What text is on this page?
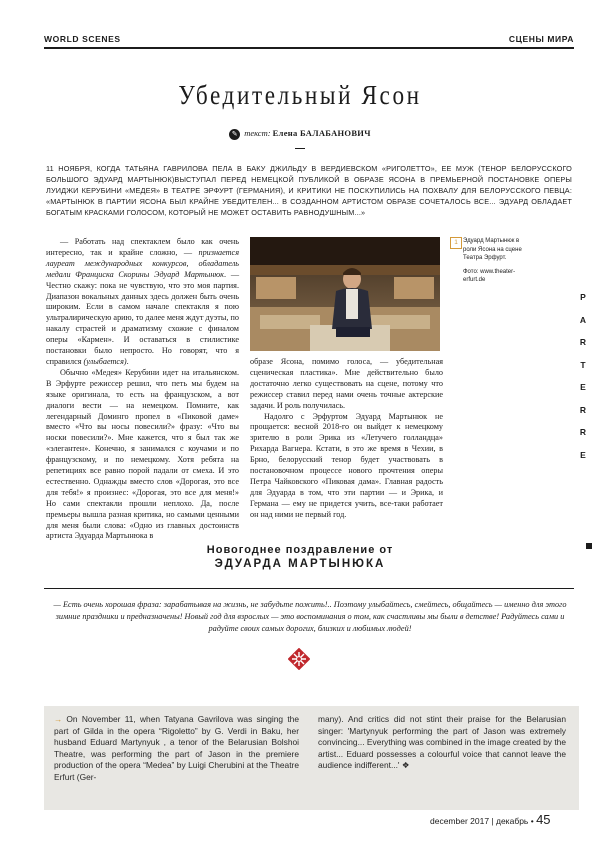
WORLD SCENES	СЦЕНЫ МИРА
Убедительный Ясон
✎ текст: Елена БАЛАБАНОВИЧ
11 НОЯБРЯ, КОГДА ТАТЬЯНА ГАВРИЛОВА ПЕЛА В БАКУ ДЖИЛЬДУ В ВЕРДИЕВСКОМ «РИГОЛЕТТО», ЕЕ МУЖ (ТЕНОР БЕЛОРУССКОГО БОЛЬШОГО ЭДУАРД МАРТЫНЮК)ВЫСТУПАЛ ПЕРЕД НЕМЕЦКОЙ ПУБЛИКОЙ В ОБРАЗЕ ЯСОНА В ПРЕМЬЕРНОЙ ПОСТАНОВКЕ ОПЕРЫ ЛУИДЖИ КЕРУБИНИ «МЕДЕЯ» В ТЕАТРЕ ЭРФУРТ (ГЕРМАНИЯ), И КРИТИКИ НЕ ПОСКУПИЛИСЬ НА ПОХВАЛУ ДЛЯ БЕЛОРУССКОГО ПЕВЦА: «МАРТЫНЮК В ПАРТИИ ЯСОНА БЫЛ КРАЙНЕ УБЕДИТЕЛЕН... В СОЗДАННОМ АРТИСТОМ ОБРАЗЕ СОЧЕТАЛОСЬ ВСЕ... ЭДУАРД ОБЛАДАЕТ БОГАТЫМ КРАСКАМИ ГОЛОСОМ, КОТОРЫЙ НЕ МОЖЕТ ОСТАВИТЬ РАВНОДУШНЫМ...»

— Работать над спектаклем было как очень интересно, так и крайне сложно, — признается лауреат международных конкурсов, обладатель медали Франциска Скорины Эдуард Мартынюк. — Честно скажу: пока не чувствую, что это моя партия. Диапазон вокальных данных здесь должен быть очень широким. Если в самом начале спектакля я пою ультралирическую арию, то далее меня ждут дуэты, по накалу страстей и драматизму схожие с финалом оперы «Кармен». И оставаться в стилистике постановки было непросто. Но говорят, что я справился (улыбается).

Обычно «Медея» Керубини идет на итальянском. В Эрфурте режиссер решил, что петь мы будем на языке оригинала, то есть на французском, а вот диалоги вести — на немецком. Помните, как легендарный Доминго пропел в «Пиковой даме» вместо «Что вы носы повесили?» фразу: «Что вы носки повесили?». Мне кажется, что я был так же «элегантен». Конечно, я занимался с коучами и по французскому, и по немецкому. Хотя ребята на репетициях все равно порой падали от смеха. И это естественно. Однажды вместо слов «Дорогая, это все для тебя!» я произнес: «Дорогая, это все для меня!» Но сами спектакли прошли неплохо. Да, после премьеры вышла разная критика, но самыми ценными для меня были слова: «Одно из главных достоинств артиста Эдуарда Мартынюка в

1 Эдуард Мартынюк в роли Ясона на сцене Театра Эрфурт.
Фото: www.theater-erfurt.de

образе Ясона, помимо голоса, — убедительная сценическая пластика». Мне действительно было достаточно легко существовать на сцене, потому что режиссер ставил перед нами очень точные актерские задачи. И роль получилась.

Надолго с Эрфуртом Эдуард Мартынюк не прощается: весной 2018-го он выйдет к немецкому зрителю в роли Эрика из «Летучего голландца» Рихарда Вагнера. Кстати, в это же время в Чехии, в Брно, белорусский тенор будет участвовать в постановочном процессе нового прочтения оперы Петра Чайковского «Пиковая дама». Главная радость для Эдуарда в том, что эти партии — и Эрика, и Германа — ему не придется учить, все-таки работает он над ними не первый год.

P
A
R
T
E
R
R
E
Новогоднее поздравление от
ЭДУАРДА МАРТЫНЮКА
— Есть очень хорошая фраза: зарабатывая на жизнь, не забудьте пожить!.. Поэтому улыбайтесь, смейтесь, общайтесь — именно для этого зимние праздники и предназначены! Новый год для взрослых — это воспоминания о том, как счастливы мы были в детстве! Радуйтесь сами и радуйте своих самых дорогих, близких и любимых людей!
→ On November 11, when Tatyana Gavrilova was singing the part of Gilda in the opera “Rigoletto” by G. Verdi in Baku, her husband Eduard Martynyuk , a tenor of the Belarusian Bolshoi Theatre, was performing the part of Jason in the premiere production of the opera “Medea” by Luigi Cherubini at the Theatre Erfurt (Ger-
many). And critics did not stint their praise for the Belarusian singer: 'Martynyuk performing the part of Jason was extremely convincing... Everything was combined in the image created by the artist... Eduard possesses a colourful voice that cannot leave the audience indifferent...' ❖
december 2017 | декабрь • 45
